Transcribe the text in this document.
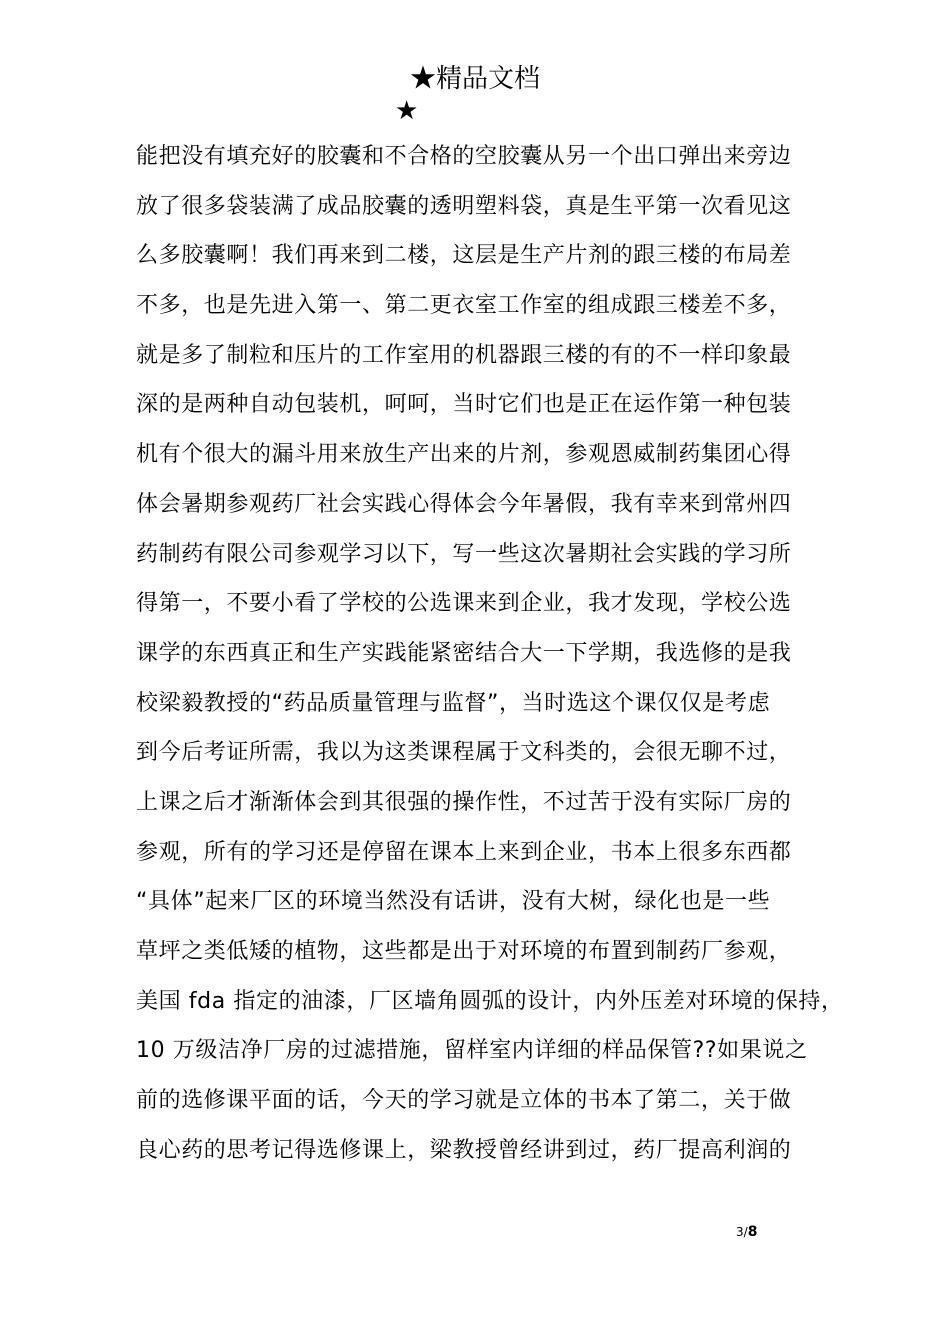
★精品文档
★
能把没有填充好的胶囊和不合格的空胶囊从另一个出口弹出来旁边
放了很多袋装满了成品胶囊的透明塑料袋，真是生平第一次看见这
么多胶囊啊！我们再来到二楼，这层是生产片剂的跟三楼的布局差
不多，也是先进入第一、第二更衣室工作室的组成跟三楼差不多，
就是多了制粒和压片的工作室用的机器跟三楼的有的不一样印象最
深的是两种自动包装机，呵呵，当时它们也是正在运作第一种包装
机有个很大的漏斗用来放生产出来的片剂，参观恩威制药集团心得
体会暑期参观药厂社会实践心得体会今年暑假，我有幸来到常州四
药制药有限公司参观学习以下，写一些这次暑期社会实践的学习所
得第一，不要小看了学校的公选课来到企业，我才发现，学校公选
课学的东西真正和生产实践能紧密结合大一下学期，我选修的是我
校梁毅教授的“药品质量管理与监督”，当时选这个课仅仅是考虑
到今后考证所需，我以为这类课程属于文科类的，会很无聊不过，
上课之后才渐渐体会到其很强的操作性，不过苦于没有实际厂房的
参观，所有的学习还是停留在课本上来到企业，书本上很多东西都
“具体”起来厂区的环境当然没有话讲，没有大树，绿化也是一些
草坪之类低矮的植物，这些都是出于对环境的布置到制药厂参观，
美国 fda 指定的油漆，厂区墙角圆弧的设计，内外压差对环境的保持，
10 万级洁净厂房的过滤措施，留样室内详细的样品保管??如果说之
前的选修课平面的话，今天的学习就是立体的书本了第二，关于做
良心药的思考记得选修课上，梁教授曾经讲到过，药厂提高利润的
3/8
